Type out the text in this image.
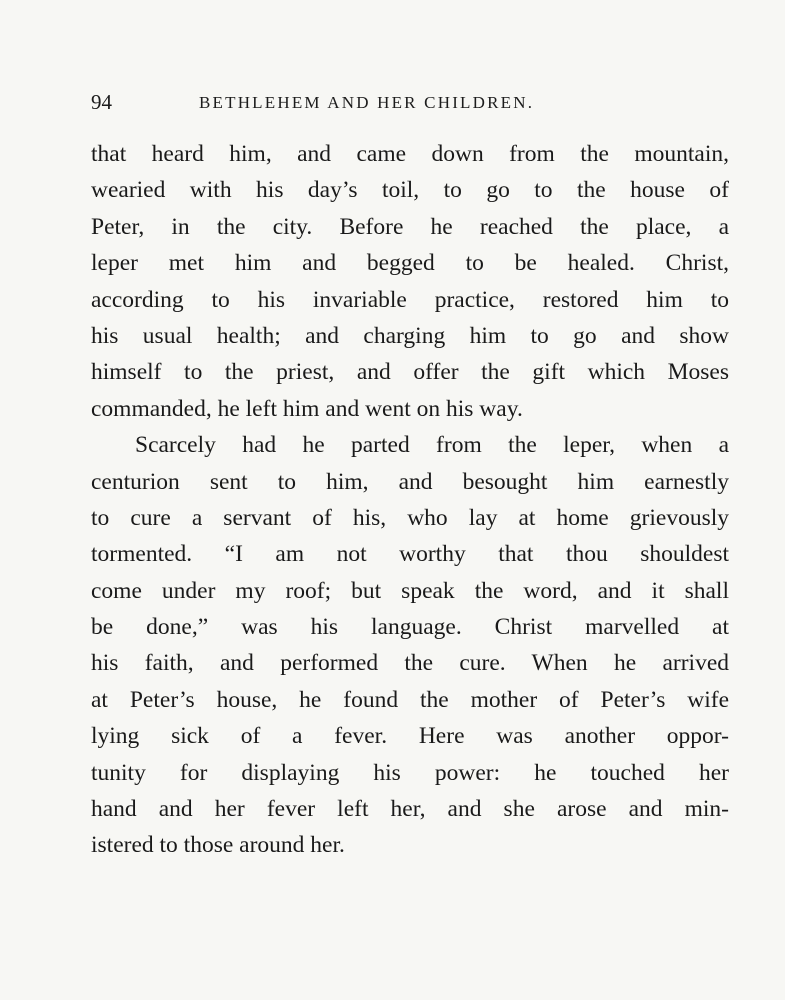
94	BETHLEHEM AND HER CHILDREN.
that heard him, and came down from the mountain,
wearied with his day’s toil, to go to the house of
Peter, in the city. Before he reached the place, a
leper met him and begged to be healed. Christ,
according to his invariable practice, restored him to
his usual health; and charging him to go and show
himself to the priest, and offer the gift which Moses
commanded, he left him and went on his way.
Scarcely had he parted from the leper, when a
centurion sent to him, and besought him earnestly
to cure a servant of his, who lay at home grievously
tormented. “I am not worthy that thou shouldest
come under my roof; but speak the word, and it shall
be done,” was his language. Christ marvelled at
his faith, and performed the cure. When he arrived
at Peter’s house, he found the mother of Peter’s wife
lying sick of a fever. Here was another oppor-
tunity for displaying his power: he touched her
hand and her fever left her, and she arose and min-
istered to those around her.
